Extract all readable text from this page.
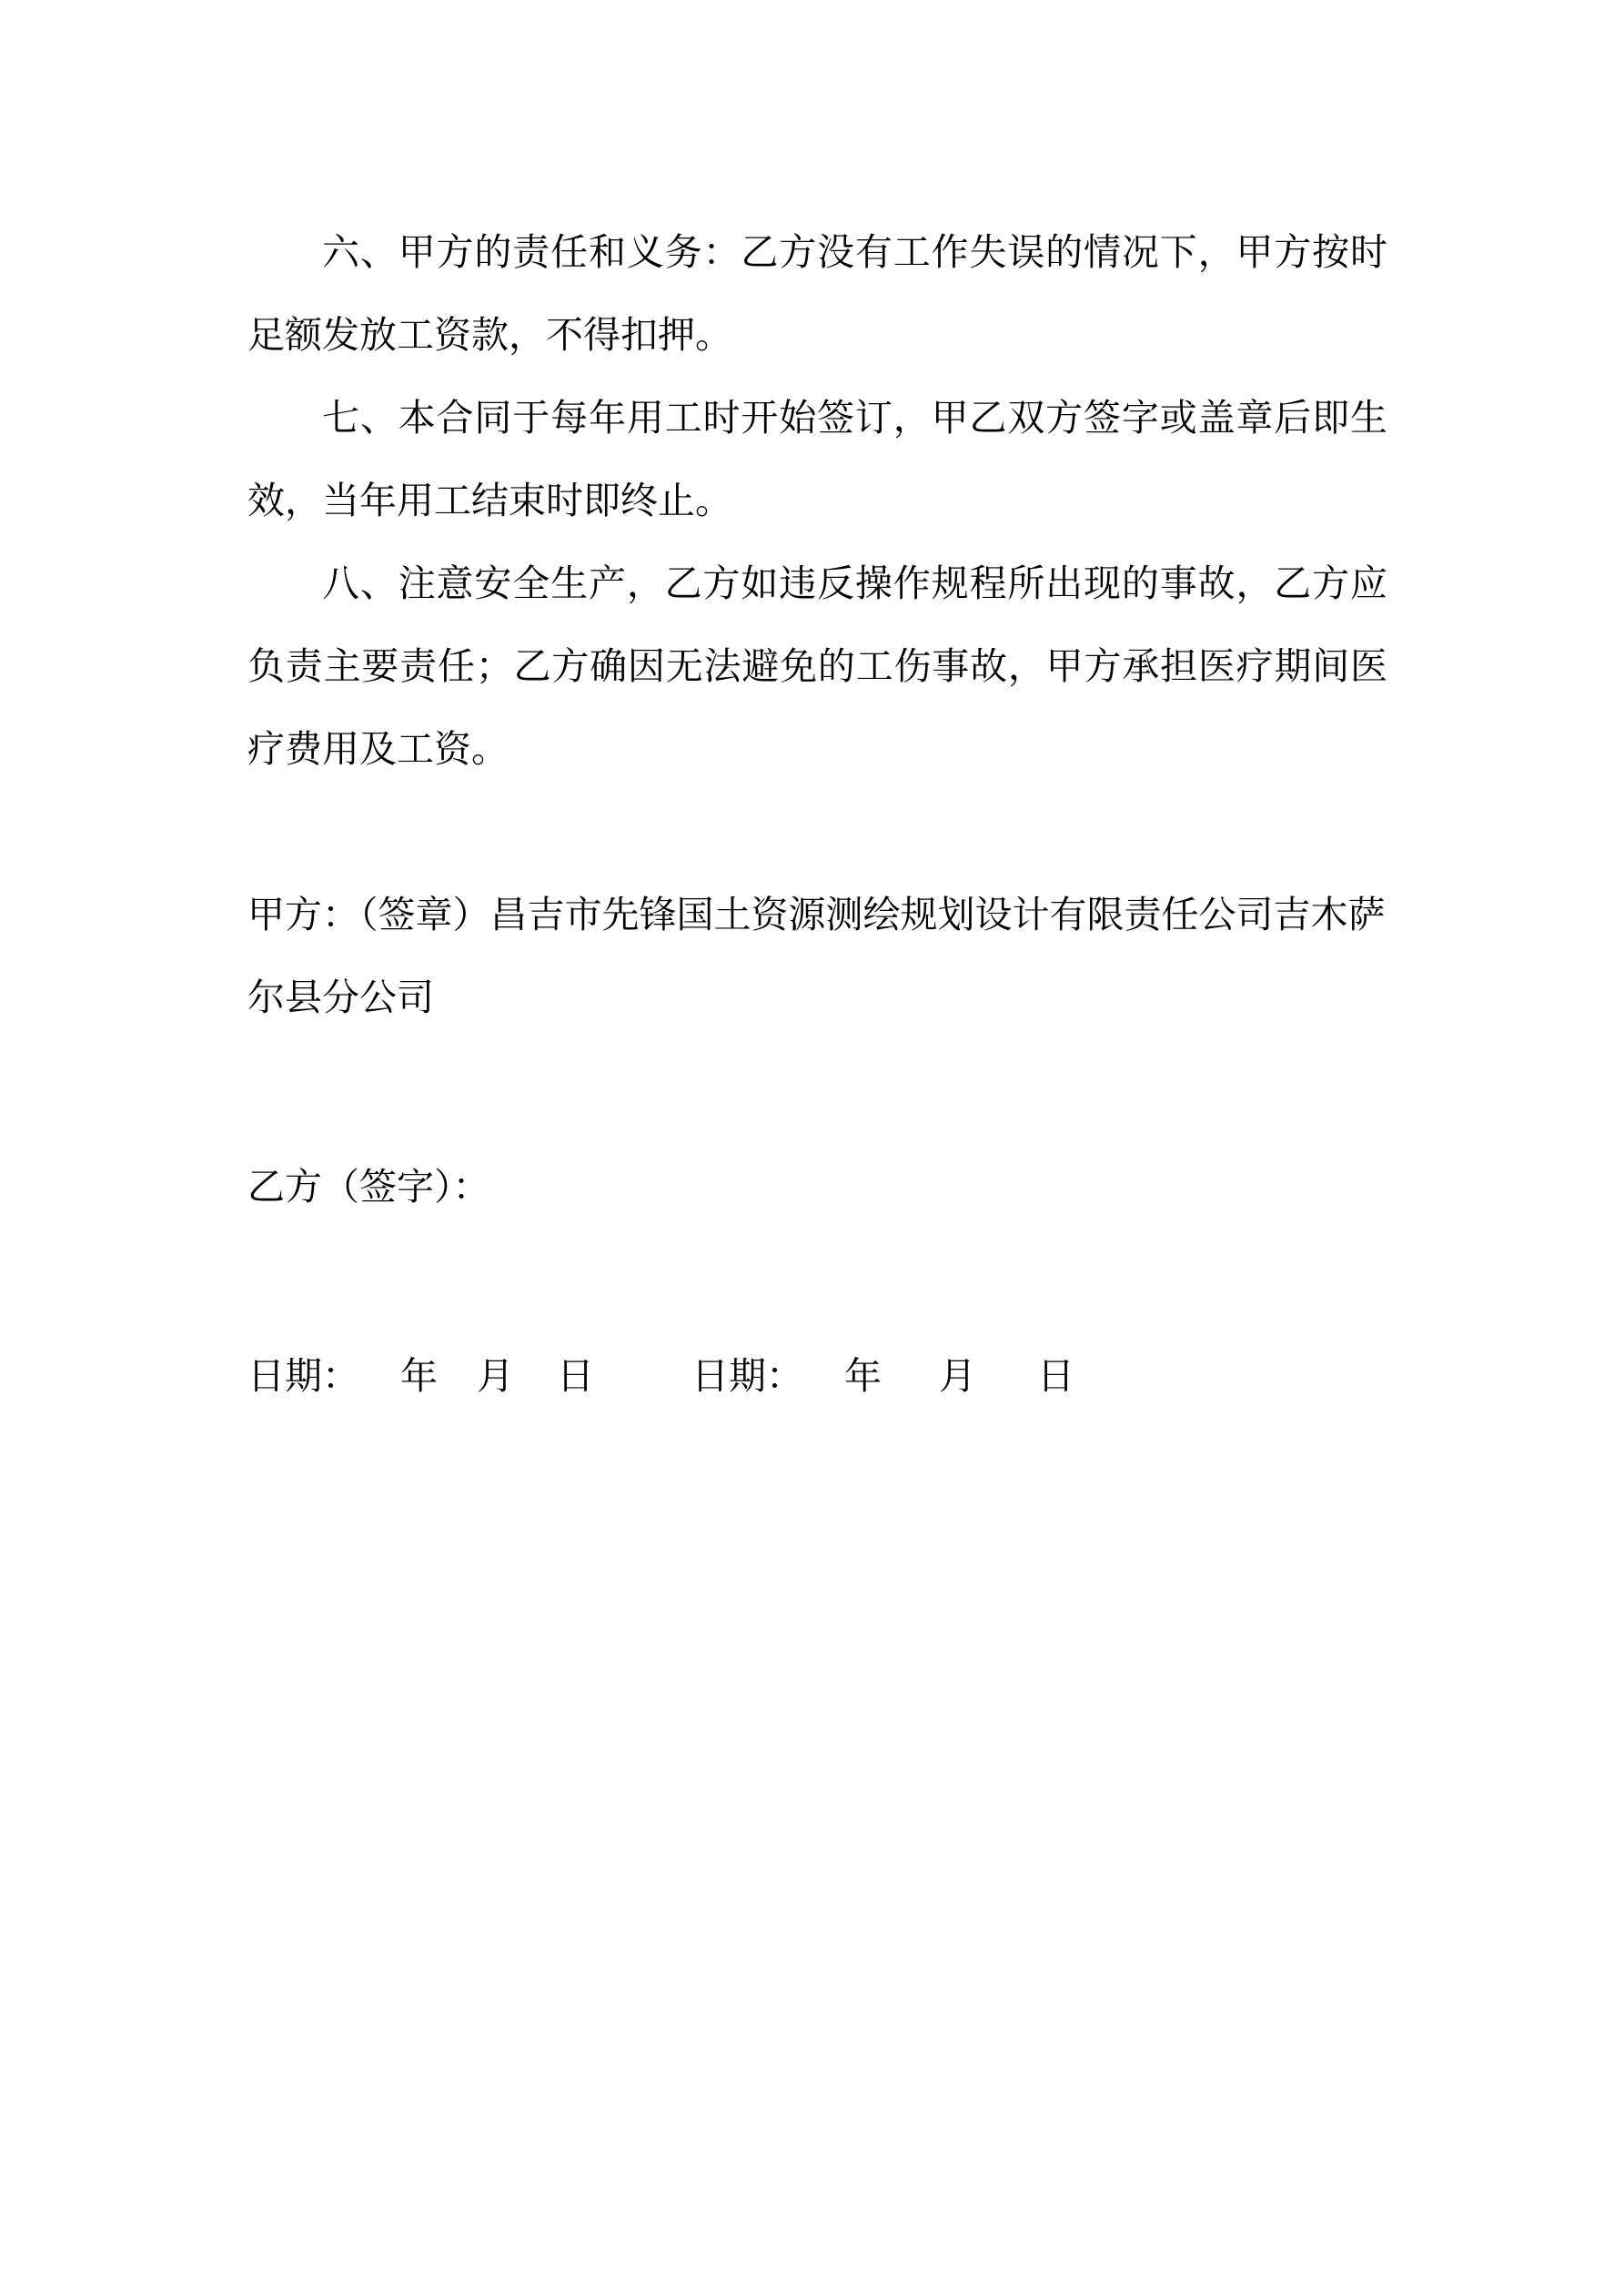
六、甲方的责任和义务：乙方没有工作失误的情况下，甲方按时足额发放工资款，不得扣押。

七、本合同于每年用工时开始签订，甲乙双方签字或盖章后即生效，当年用工结束时即终止。

八、注意安全生产，乙方如违反操作规程所出现的事故，乙方应负责主要责任；乙方确因无法避免的工伤事故，甲方承担医疗期间医疗费用及工资。

甲方：（签章）昌吉市先锋国土资源测绘规划设计有限责任公司吉木萨尔县分公司

乙方（签字）：

日期： 年 月 日	日期： 年 月 日
